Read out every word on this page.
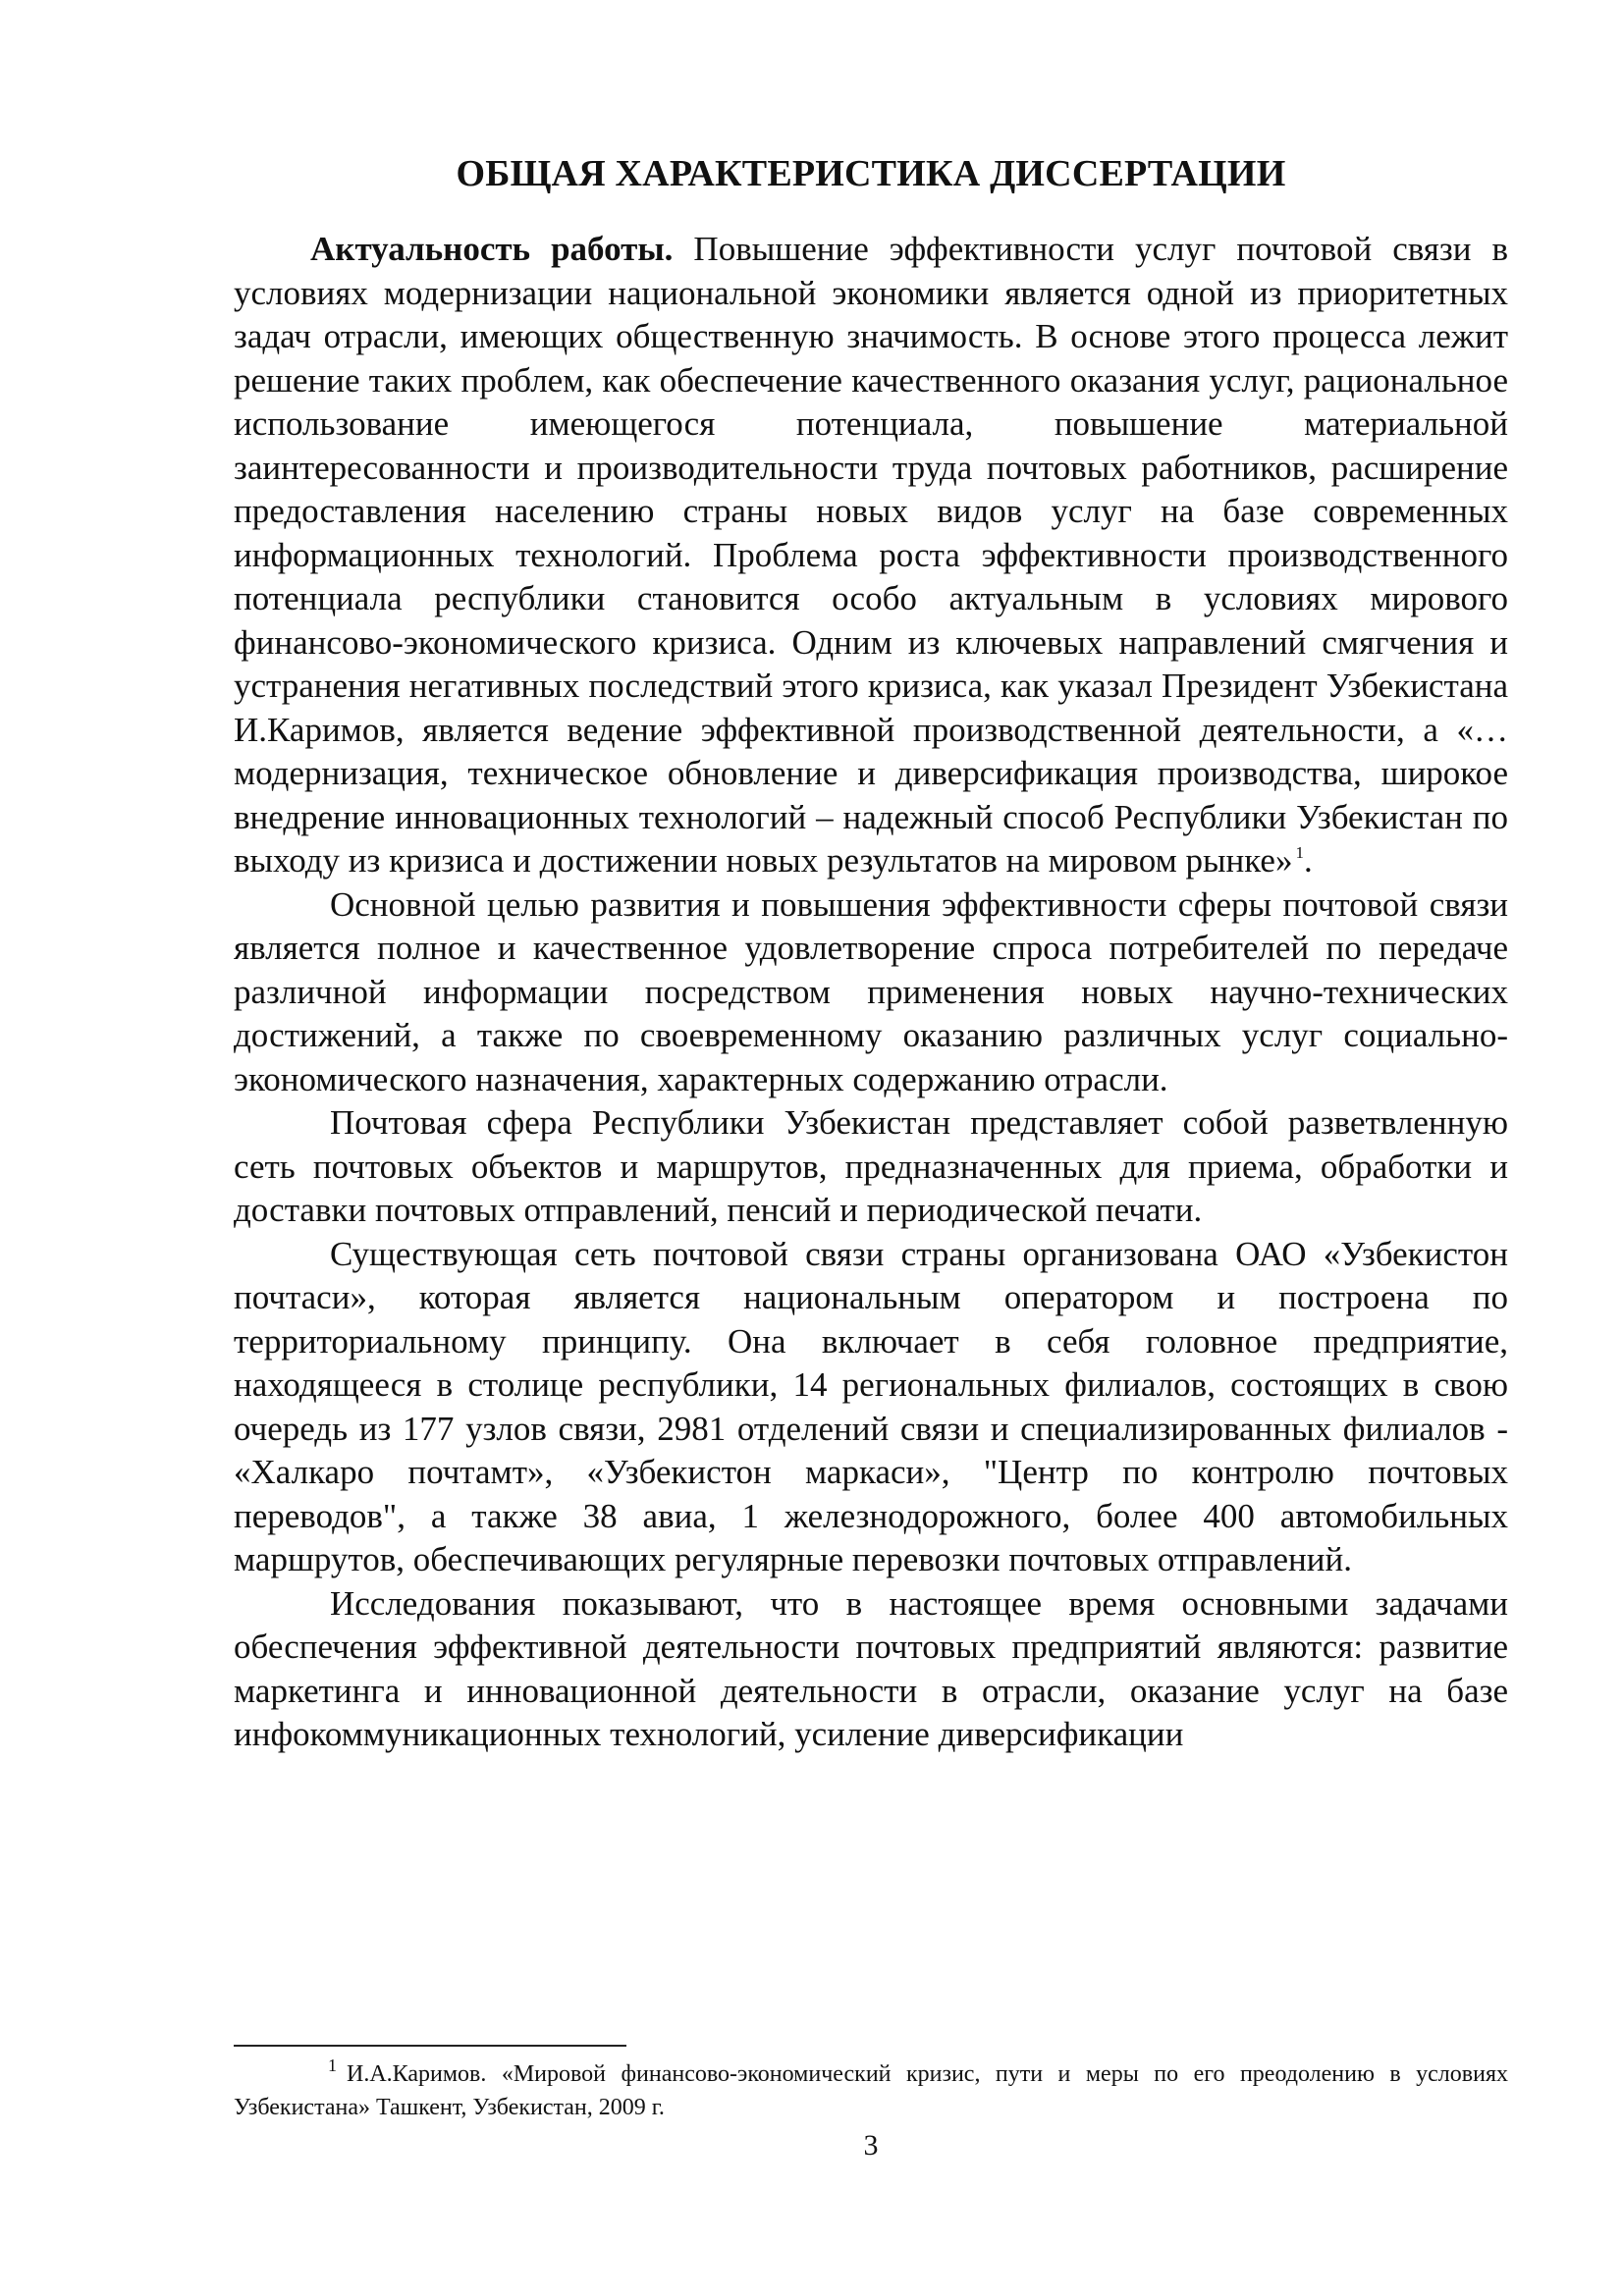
ОБЩАЯ ХАРАКТЕРИСТИКА ДИССЕРТАЦИИ

Актуальность работы. Повышение эффективности услуг почтовой связи в условиях модернизации национальной экономики является одной из приоритетных задач отрасли, имеющих общественную значимость. В основе этого процесса лежит решение таких проблем, как обеспечение качественного оказания услуг, рациональное использование имеющегося потенциала, повышение материальной заинтересованности и производительности труда почтовых работников, расширение предоставления населению страны новых видов услуг на базе современных информационных технологий. Проблема роста эффективности производственного потенциала республики становится особо актуальным в условиях мирового финансово-экономического кризиса. Одним из ключевых направлений смягчения и устранения негативных последствий этого кризиса, как указал Президент Узбекистана И.Каримов, является ведение эффективной производственной деятельности, а «…модернизация, техническое обновление и диверсификация производства, широкое внедрение инновационных технологий – надежный способ Республики Узбекистан по выходу из кризиса и достижении новых результатов на мировом рынке» $^1$.

Основной целью развития и повышения эффективности сферы почтовой связи является полное и качественное удовлетворение спроса потребителей по передаче различной информации посредством применения новых научно-технических достижений, а также по своевременному оказанию различных услуг социально-экономического назначения, характерных содержанию отрасли.

Почтовая сфера Республики Узбекистан представляет собой разветвленную сеть почтовых объектов и маршрутов, предназначенных для приема, обработки и доставки почтовых отправлений, пенсий и периодической печати.

Существующая сеть почтовой связи страны организована ОАО «Узбекистон почтаси», которая является национальным оператором и построена по территориальному принципу. Она включает в себя головное предприятие, находящееся в столице республики, 14 региональных филиалов, состоящих в свою очередь из 177 узлов связи, 2981 отделений связи и специализированных филиалов - «Халкаро почтамт», «Узбекистон маркаси», "Центр по контролю почтовых переводов", а также 38 авиа, 1 железнодорожного, более 400 автомобильных маршрутов, обеспечивающих регулярные перевозки почтовых отправлений.

Исследования показывают, что в настоящее время основными задачами обеспечения эффективной деятельности почтовых предприятий являются: развитие маркетинга и инновационной деятельности в отрасли, оказание услуг на базе инфокоммуникационных технологий, усиление диверсификации

$^1$ И.А.Каримов. «Мировой финансово-экономический кризис, пути и меры по его преодолению в условиях Узбекистана» Ташкент, Узбекистан, 2009 г.

3
